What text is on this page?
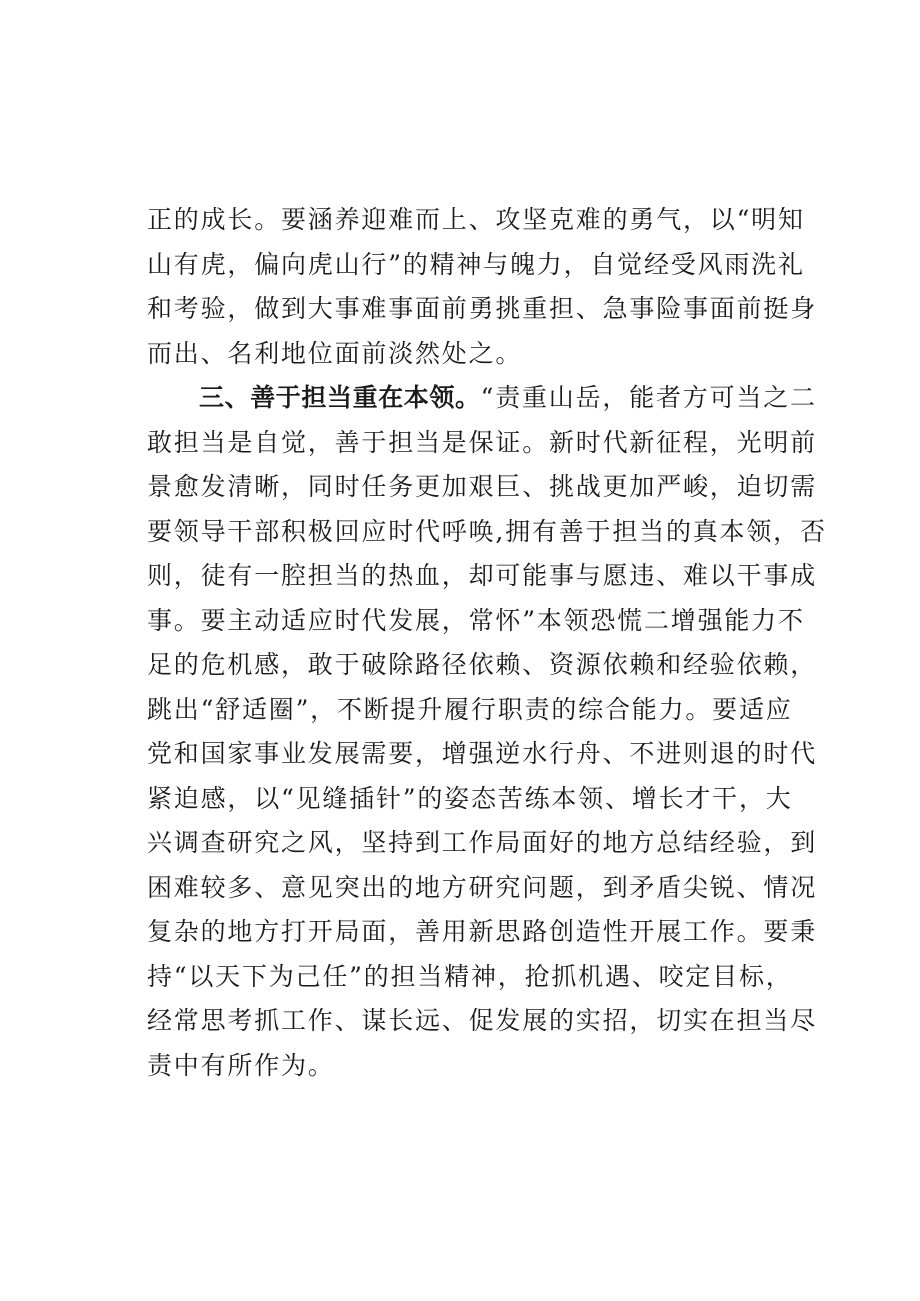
正的成长。要涵养迎难而上、攻坚克难的勇气，以“明知
山有虎，偏向虎山行”的精神与魄力，自觉经受风雨洗礼
和考验，做到大事难事面前勇挑重担、急事险事面前挺身
而出、名利地位面前淡然处之。
三、善于担当重在本领。“责重山岳，能者方可当之二
敢担当是自觉，善于担当是保证。新时代新征程，光明前
景愈发清晰，同时任务更加艰巨、挑战更加严峻，迫切需
要领导干部积极回应时代呼唤,拥有善于担当的真本领，否
则，徒有一腔担当的热血，却可能事与愿违、难以干事成
事。要主动适应时代发展，常怀”本领恐慌二增强能力不
足的危机感，敢于破除路径依赖、资源依赖和经验依赖，
跳出“舒适圈”，不断提升履行职责的综合能力。要适应
党和国家事业发展需要，增强逆水行舟、不进则退的时代
紧迫感，以“见缝插针”的姿态苦练本领、增长才干，大
兴调查研究之风，坚持到工作局面好的地方总结经验，到
困难较多、意见突出的地方研究问题，到矛盾尖锐、情况
复杂的地方打开局面，善用新思路创造性开展工作。要秉
持“以天下为己任”的担当精神，抢抓机遇、咬定目标，
经常思考抓工作、谋长远、促发展的实招，切实在担当尽
责中有所作为。
